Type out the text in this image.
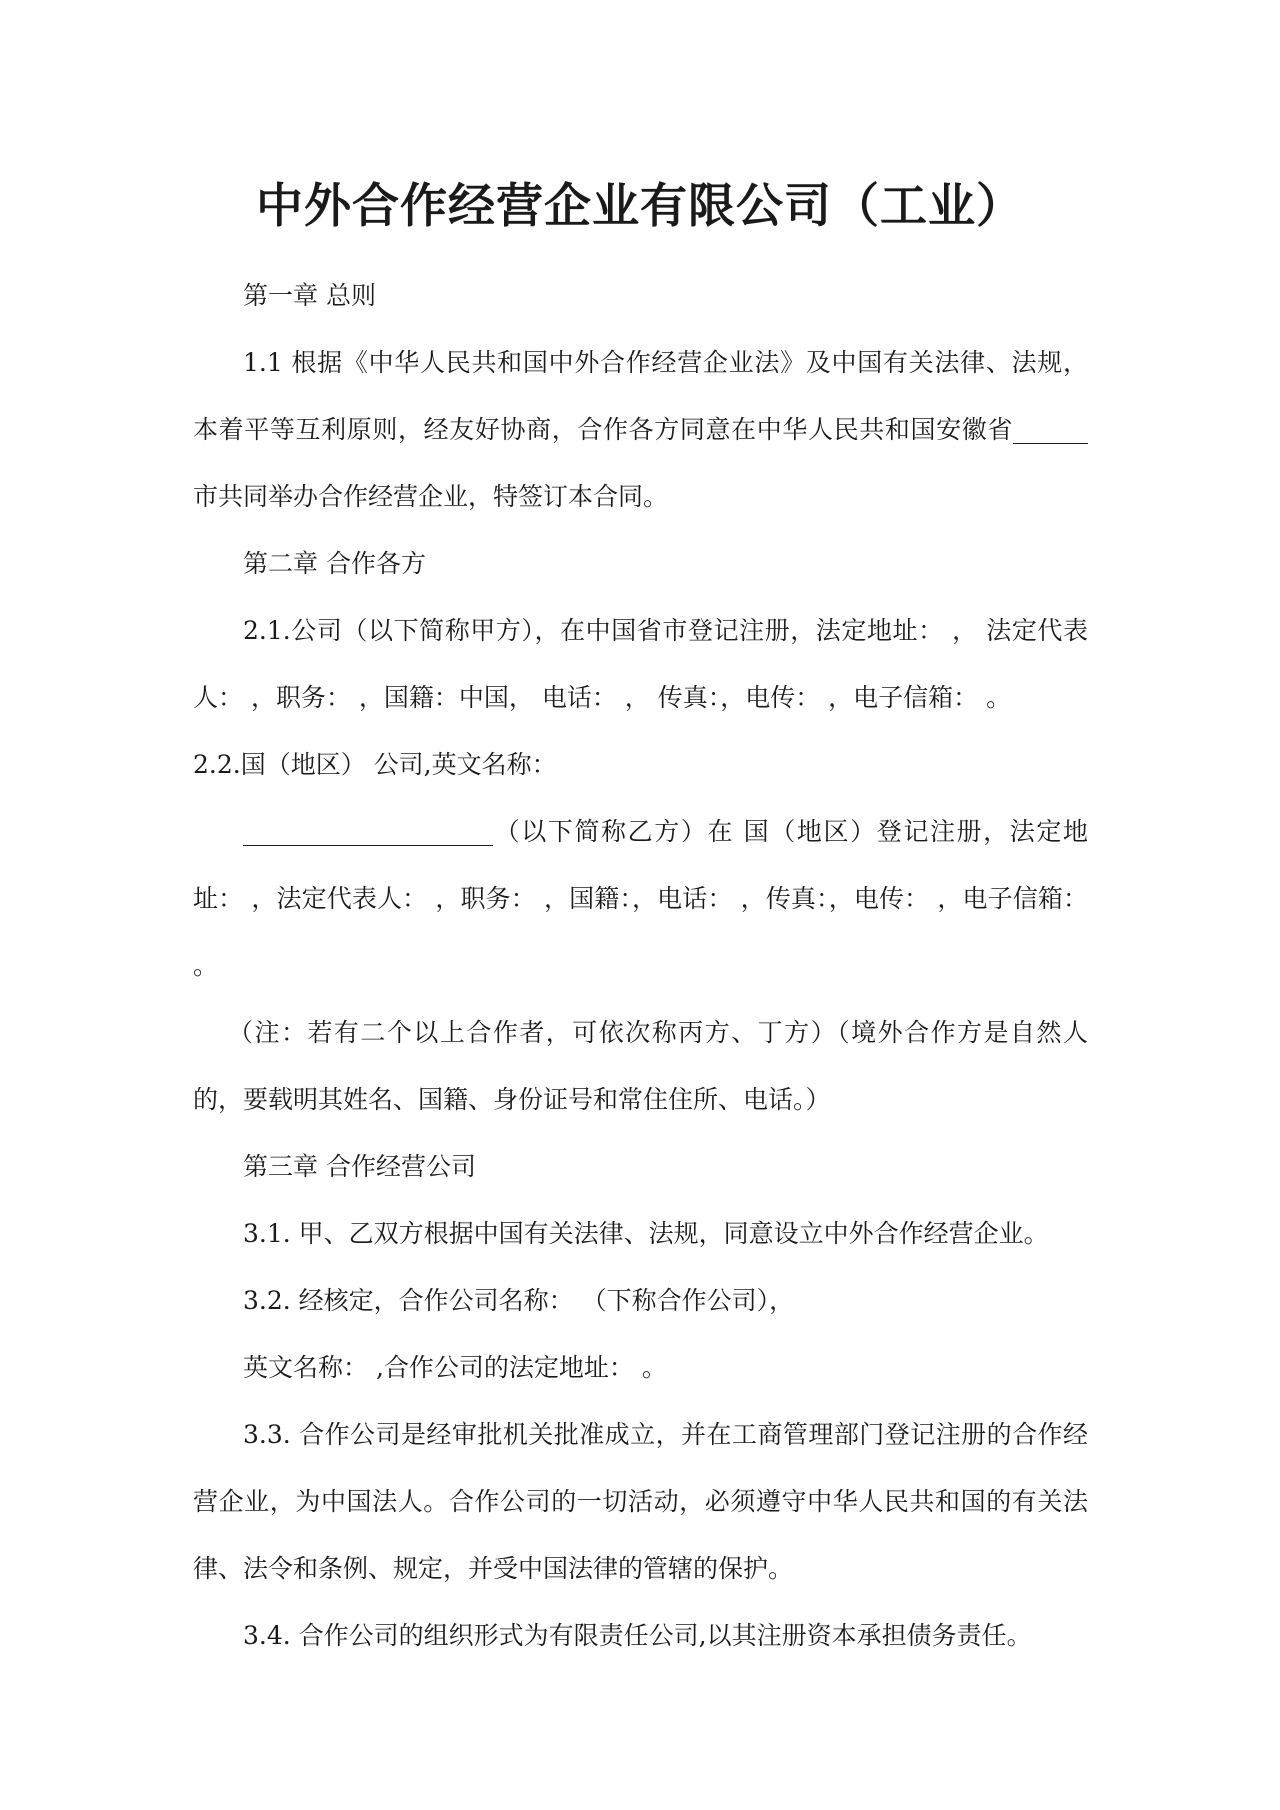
中外合作经营企业有限公司（工业）

第一章 总则

1.1 根据《中华人民共和国中外合作经营企业法》及中国有关法律、法规，本着平等互利原则，经友好协商，合作各方同意在中华人民共和国安徽省______市共同举办合作经营企业，特签订本合同。

第二章 合作各方

2.1.公司（以下简称甲方），在中国省市登记注册，法定地址： ， 法定代表人： ，职务： ，国籍：中国， 电话： ， 传真：，电传： ，电子信箱： 。

2.2.国（地区） 公司,英文名称：

____________________（以下简称乙方）在 国（地区）登记注册，法定地址： ，法定代表人： ，职务： ，国籍：，电话： ，传真：，电传： ，电子信箱： 。

（注：若有二个以上合作者，可依次称丙方、丁方）（境外合作方是自然人的，要载明其姓名、国籍、身份证号和常住住所、电话。）

第三章 合作经营公司

3.1. 甲、乙双方根据中国有关法律、法规，同意设立中外合作经营企业。

3.2. 经核定，合作公司名称： （下称合作公司），

英文名称： ,合作公司的法定地址： 。

3.3. 合作公司是经审批机关批准成立，并在工商管理部门登记注册的合作经营企业，为中国法人。合作公司的一切活动，必须遵守中华人民共和国的有关法律、法令和条例、规定，并受中国法律的管辖的保护。

3.4. 合作公司的组织形式为有限责任公司,以其注册资本承担债务责任。
